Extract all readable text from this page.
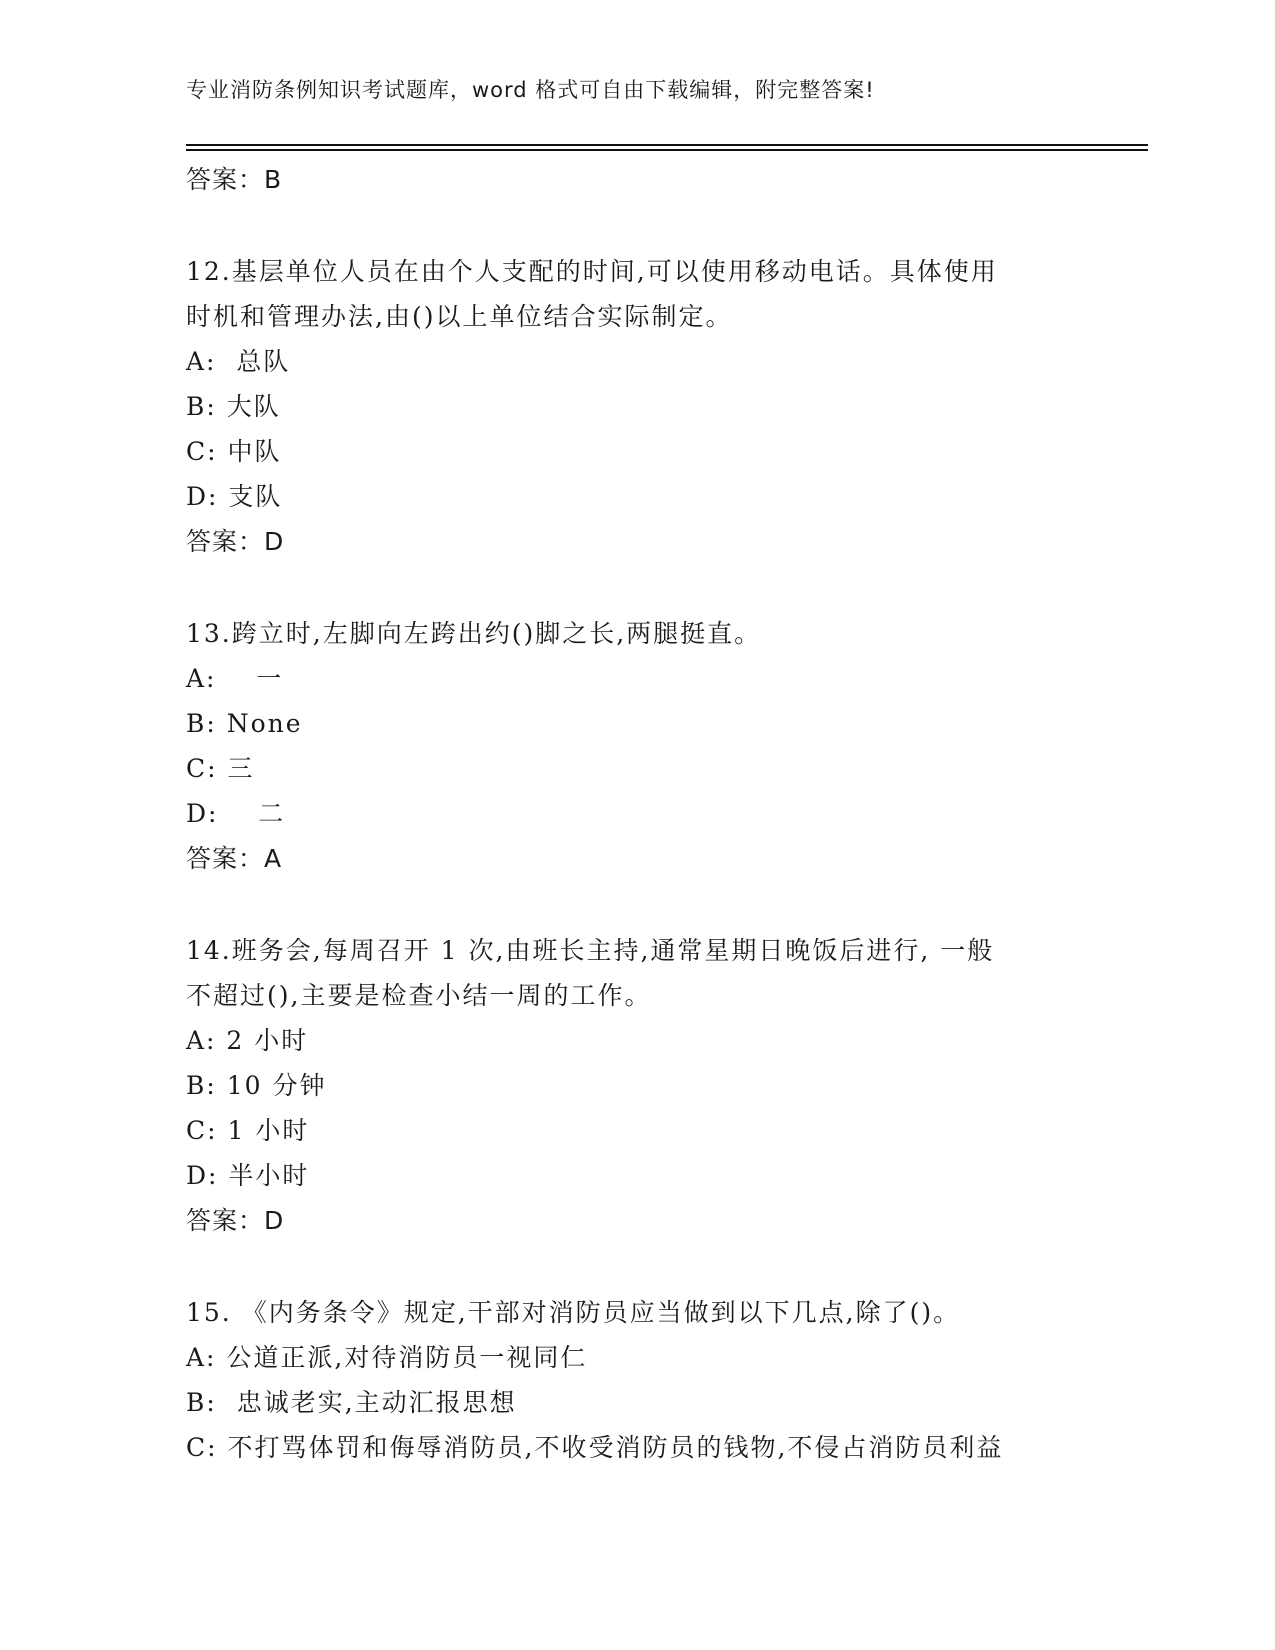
专业消防条例知识考试题库，word 格式可自由下载编辑，附完整答案!
答案：B
12.基层单位人员在由个人支配的时间,可以使用移动电话。具体使用
时机和管理办法,由()以上单位结合实际制定。
A:  总队
B: 大队
C: 中队
D: 支队
答案：D
13.跨立时,左脚向左跨出约()脚之长,两腿挺直。
A:    一
B: None
C: 三
D:    二
答案：A
14.班务会,每周召开 1 次,由班长主持,通常星期日晚饭后进行, 一般
不超过(),主要是检查小结一周的工作。
A: 2 小时
B: 10 分钟
C: 1 小时
D: 半小时
答案：D
15. 《内务条令》规定,干部对消防员应当做到以下几点,除了()。
A: 公道正派,对待消防员一视同仁
B:  忠诚老实,主动汇报思想
C: 不打骂体罚和侮辱消防员,不收受消防员的钱物,不侵占消防员利益
